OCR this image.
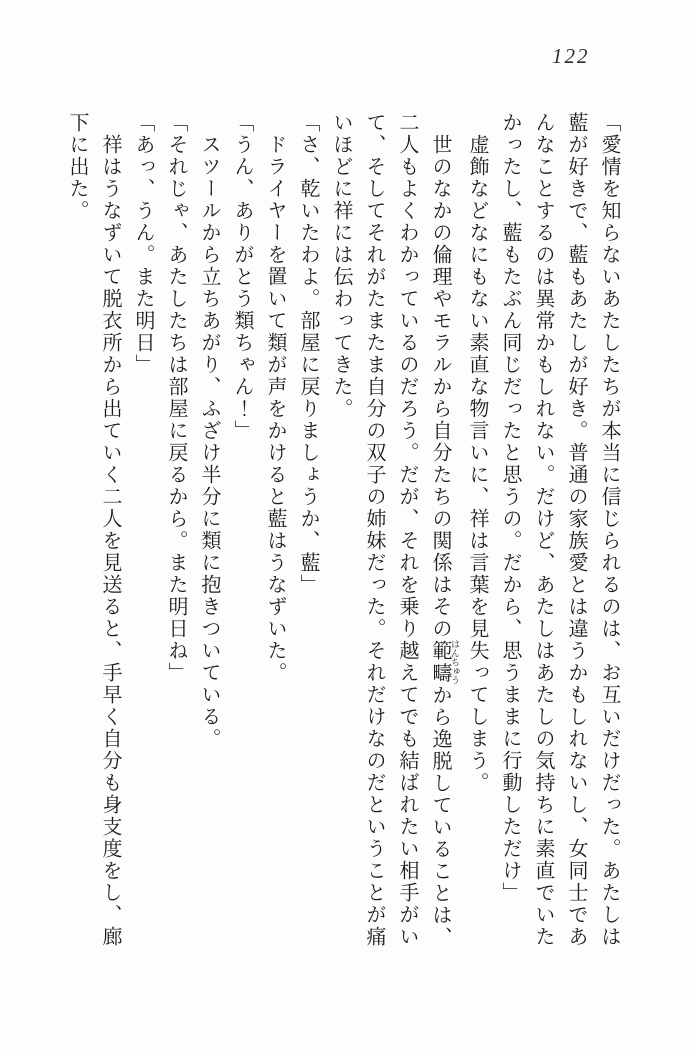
122

「愛情を知らないあたしたちが本当に信じられるのは、お互いだけだった。あたしは

藍が好きで、藍もあたしが好き。普通の家族愛とは違うかもしれないし、女同士であ

んなことするのは異常かもしれない。だけど、あたしはあたしの気持ちに素直でいた

かったし、藍もたぶん同じだったと思うの。だから、思うままに行動しただけ」

　虚飾などなにもない素直な物言いに、祥は言葉を見失ってしまう。

　世のなかの倫理やモラルから自分たちの関係はその範疇 はんちゅうから逸脱していることは、

二人もよくわかっているのだろう。だが、それを乗り越えてでも結ばれたい相手がい

て、そしてそれがたまたま自分の双子の姉妹だった。それだけなのだということが痛

いほどに祥には伝わってきた。

「さ、乾いたわよ。部屋に戻りましょうか、藍」

　ドライヤーを置いて類が声をかけると藍はうなずいた。

「うん、ありがとう類ちゃん！」

　スツールから立ちあがり、ふざけ半分に類に抱きついている。

「それじゃ、あたしたちは部屋に戻るから。また明日ね」

「あっ、うん。また明日」

　祥はうなずいて脱衣所から出ていく二人を見送ると、手早く自分も身支度をし、廊

下に出た。
